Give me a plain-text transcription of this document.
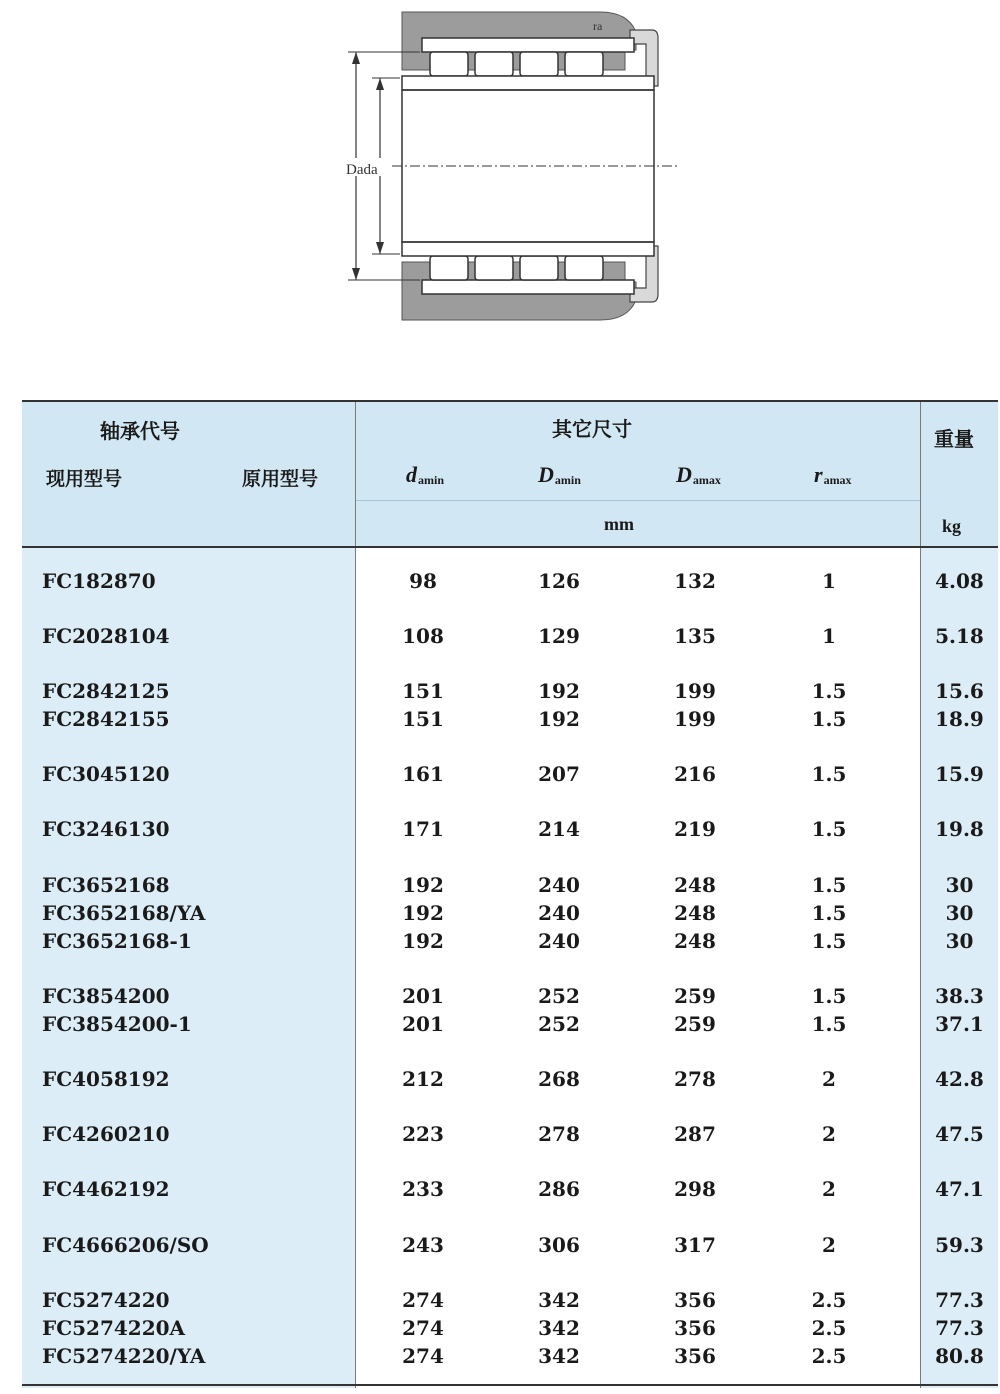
Dada
ra
轴承代号
现用型号	原用型号
其它尺寸	重量
$d_{amin}$	$D_{amin}$	$D_{amax}$	$r_{amax}$
mm	kg
FC182870	98	126	132	1	4.08
FC2028104	108	129	135	1	5.18
FC2842125	151	192	199	1.5	15.6
FC2842155	151	192	199	1.5	18.9
FC3045120	161	207	216	1.5	15.9
FC3246130	171	214	219	1.5	19.8
FC3652168	192	240	248	1.5	30
FC3652168/YA	192	240	248	1.5	30
FC3652168-1	192	240	248	1.5	30
FC3854200	201	252	259	1.5	38.3
FC3854200-1	201	252	259	1.5	37.1
FC4058192	212	268	278	2	42.8
FC4260210	223	278	287	2	47.5
FC4462192	233	286	298	2	47.1
FC4666206/SO	243	306	317	2	59.3
FC5274220	274	342	356	2.5	77.3
FC5274220A	274	342	356	2.5	77.3
FC5274220/YA	274	342	356	2.5	80.8
